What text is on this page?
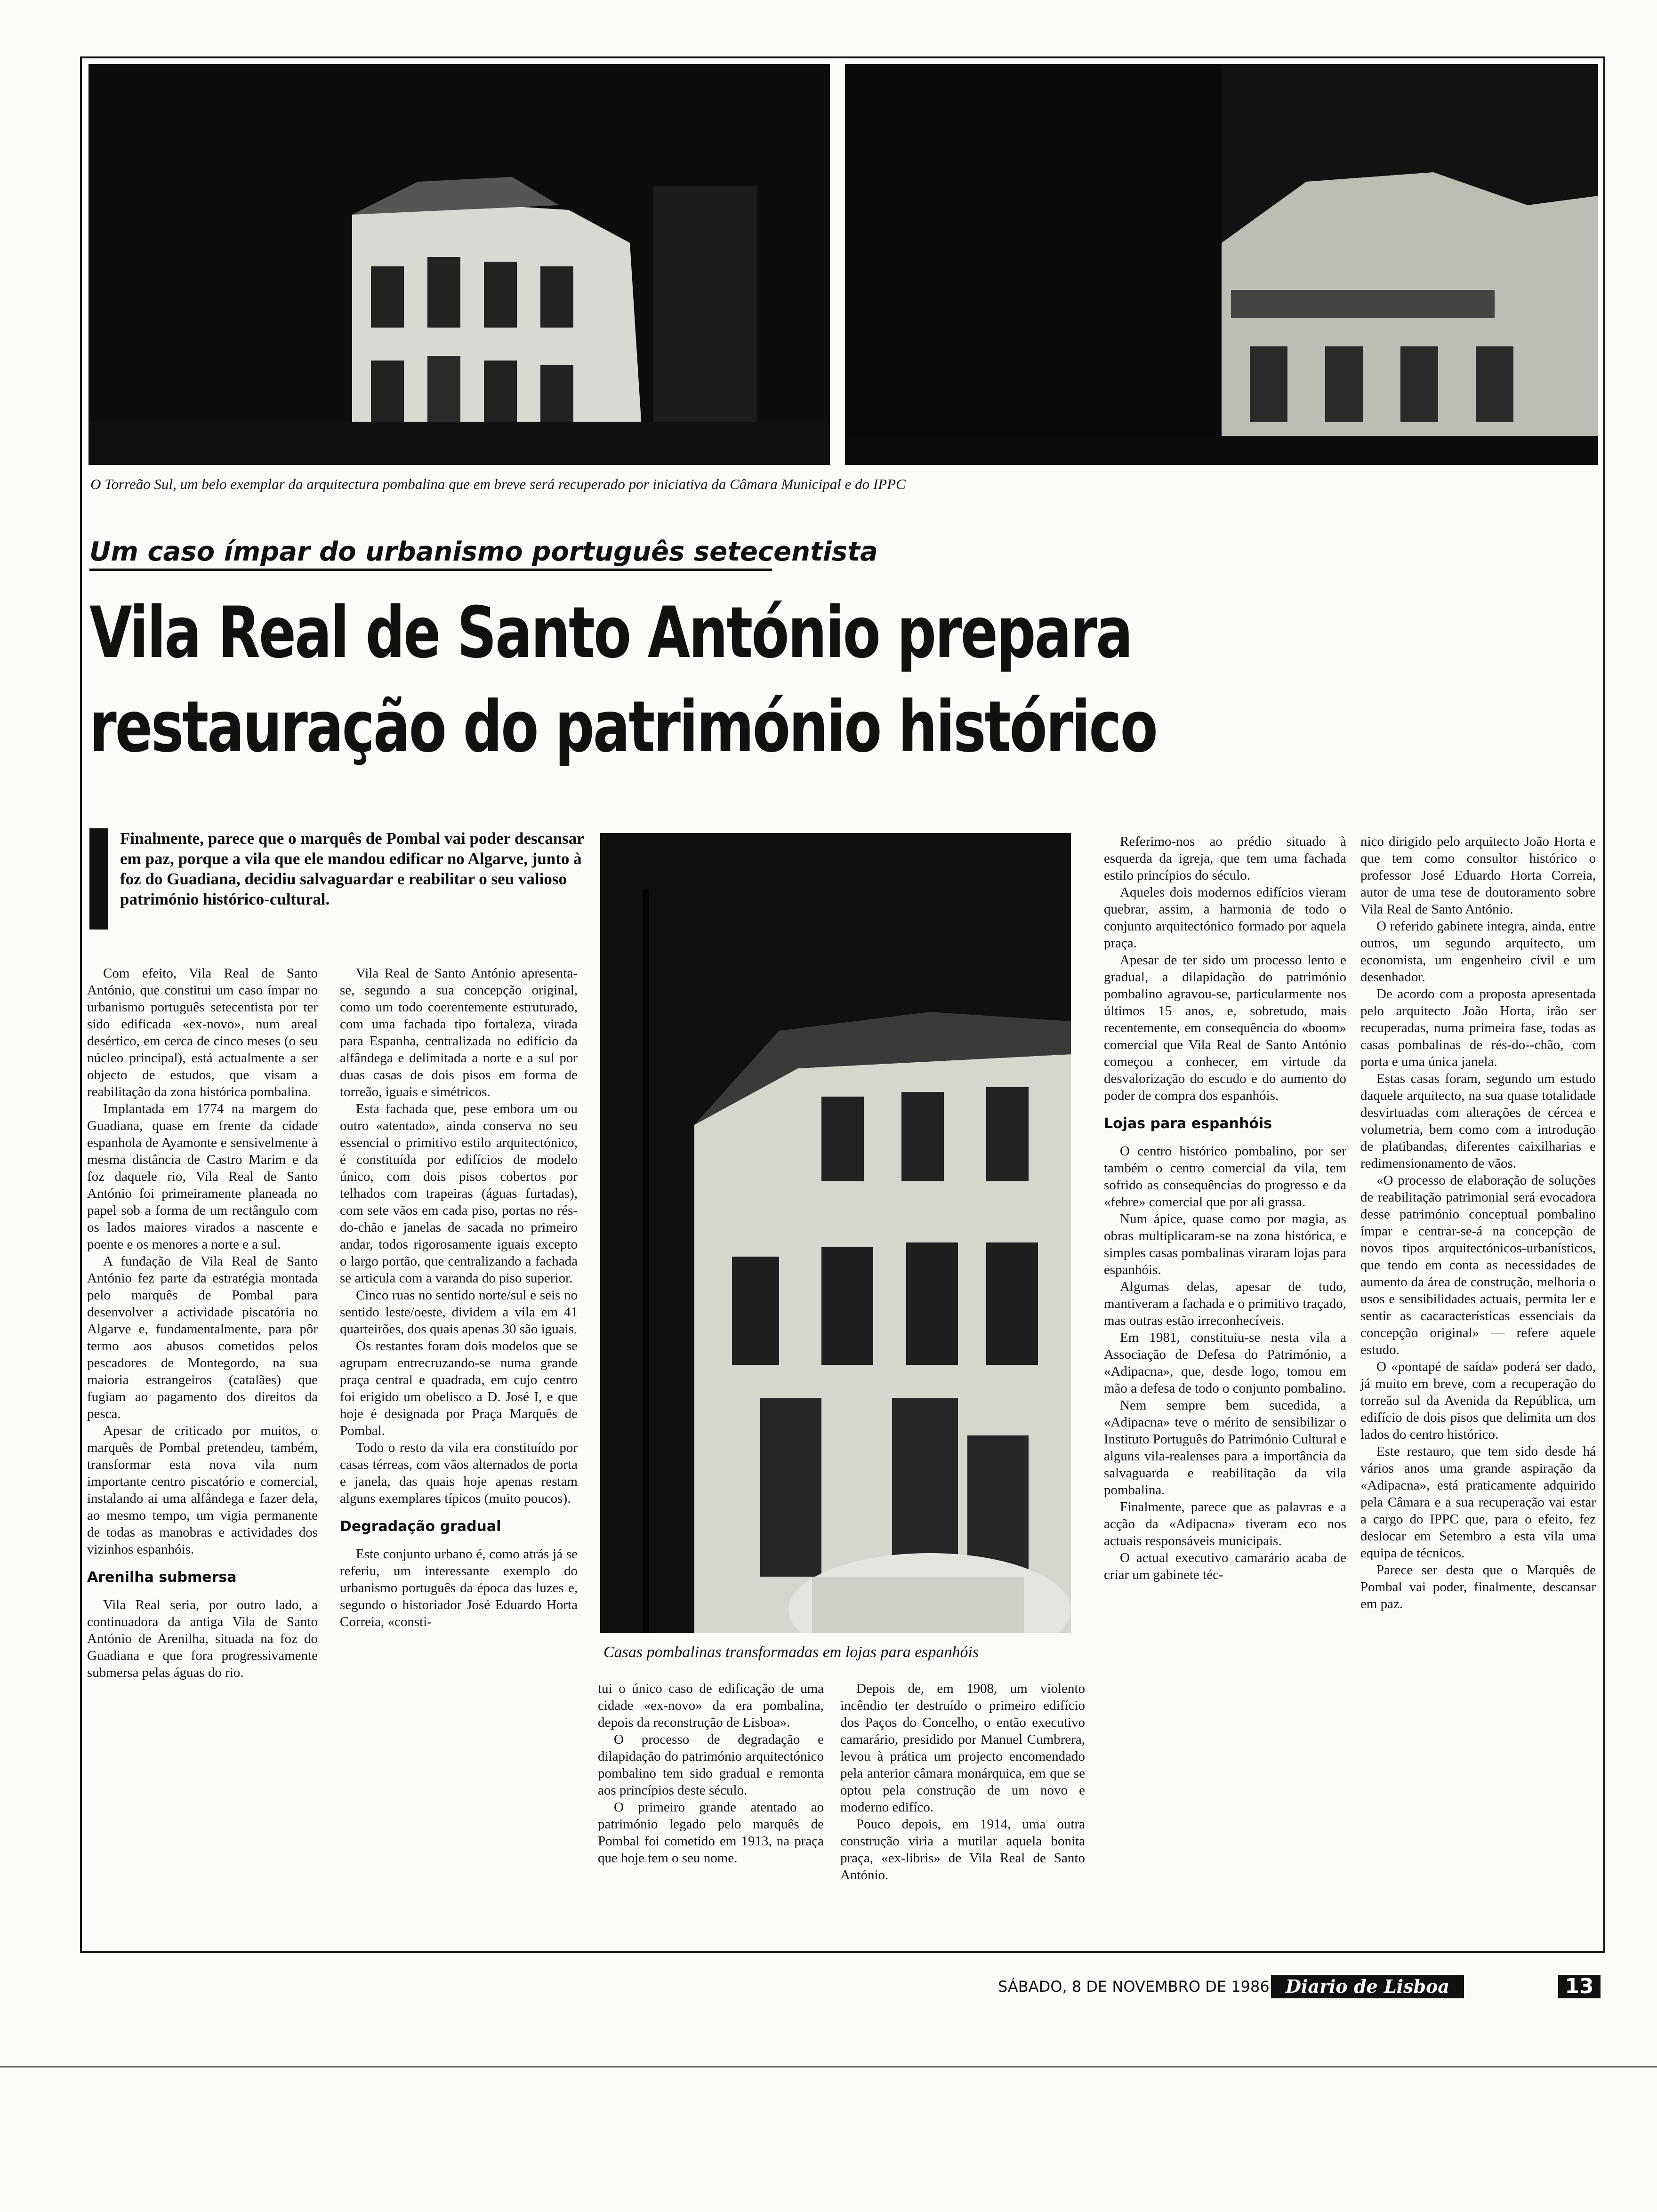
O Torreão Sul, um belo exemplar da arquitectura pombalina que em breve será recuperado por iniciativa da Câmara Municipal e do IPPC
Um caso ímpar do urbanismo português setecentista
Vila Real de Santo António prepara
restauração do património histórico
Finalmente, parece que o marquês de Pombal vai poder descansar em paz, porque a vila que ele mandou edificar no Algarve, junto à foz do Guadiana, decidiu salvaguardar e reabilitar o seu valioso património histórico-cultural.
Casas pombalinas transformadas em lojas para espanhóis

Com efeito, Vila Real de Santo António, que constitui um caso ímpar no urbanismo português setecentista por ter sido edificada «ex-novo», num areal desértico, em cerca de cinco meses (o seu núcleo principal), está actualmente a ser objecto de estudos, que visam a reabilitação da zona histórica pombalina.

Implantada em 1774 na margem do Guadiana, quase em frente da cidade espanhola de Ayamonte e sensivelmente à mesma distância de Castro Marim e da foz daquele rio, Vila Real de Santo António foi primeiramente planeada no papel sob a forma de um rectângulo com os lados maiores virados a nascente e poente e os menores a norte e a sul.

A fundação de Vila Real de Santo António fez parte da estratégia montada pelo marquês de Pombal para desenvolver a actividade piscatória no Algarve e, fundamentalmente, para pôr termo aos abusos cometidos pelos pescadores de Montegordo, na sua maioria estrangeiros (catalães) que fugiam ao pagamento dos direitos da pesca.

Apesar de criticado por muitos, o marquês de Pombal pretendeu, também, transformar esta nova vila num importante centro piscatório e comercial, instalando ai uma alfândega e fazer dela, ao mesmo tempo, um vigia permanente de todas as manobras e actividades dos vizinhos espanhóis.

Arenilha submersa

Vila Real seria, por outro lado, a continuadora da antiga Vila de Santo António de Arenilha, situada na foz do Guadiana e que fora progressivamente submersa pelas águas do rio.

Vila Real de Santo António apresenta-se, segundo a sua concepção original, como um todo coerentemente estruturado, com uma fachada tipo fortaleza, virada para Espanha, centralizada no edifício da alfândega e delimitada a norte e a sul por duas casas de dois pisos em forma de torreão, iguais e simétricos.

Esta fachada que, pese embora um ou outro «atentado», ainda conserva no seu essencial o primitivo estilo arquitectónico, é constituída por edifícios de modelo único, com dois pisos cobertos por telhados com trapeiras (águas furtadas), com sete vãos em cada piso, portas no rés-do-chão e janelas de sacada no primeiro andar, todos rigorosamente iguais excepto o largo portão, que centralizando a fachada se articula com a varanda do piso superior.

Cinco ruas no sentido norte/sul e seis no sentido leste/oeste, dividem a vila em 41 quarteirões, dos quais apenas 30 são iguais.

Os restantes foram dois modelos que se agrupam entrecruzando-se numa grande praça central e quadrada, em cujo centro foi erigido um obelisco a D. José I, e que hoje é designada por Praça Marquês de Pombal.

Todo o resto da vila era constituído por casas térreas, com vãos alternados de porta e janela, das quais hoje apenas restam alguns exemplares típicos (muito poucos).

Degradação gradual

Este conjunto urbano é, como atrás já se referiu, um interessante exemplo do urbanismo português da época das luzes e, segundo o historiador José Eduardo Horta Correia, «consti-

tui o único caso de edificação de uma cidade «ex-novo» da era pombalina, depois da reconstrução de Lisboa».

O processo de degradação e dilapidação do património arquitectónico pombalino tem sido gradual e remonta aos princípios deste século.

O primeiro grande atentado ao património legado pelo marquês de Pombal foi cometido em 1913, na praça que hoje tem o seu nome.

Depois de, em 1908, um violento incêndio ter destruído o primeiro edifício dos Paços do Concelho, o então executivo camarário, presidido por Manuel Cumbrera, levou à prática um projecto encomendado pela anterior câmara monárquica, em que se optou pela construção de um novo e moderno edifíco.

Pouco depois, em 1914, uma outra construção viria a mutilar aquela bonita praça, «ex-libris» de Vila Real de Santo António.

Referimo-nos ao prédio situado à esquerda da igreja, que tem uma fachada estilo princípios do século.

Aqueles dois modernos edifícios vieram quebrar, assim, a harmonia de todo o conjunto arquitectónico formado por aquela praça.

Apesar de ter sido um processo lento e gradual, a dilapidação do património pombalino agravou-se, particularmente nos últimos 15 anos, e, sobretudo, mais recentemente, em consequência do «boom» comercial que Vila Real de Santo António começou a conhecer, em virtude da desvalorização do escudo e do aumento do poder de compra dos espanhóis.

Lojas para espanhóis

O centro histórico pombalino, por ser também o centro comercial da vila, tem sofrido as consequências do progresso e da «febre» comercial que por ali grassa.

Num ápice, quase como por magia, as obras multiplicaram-se na zona histórica, e simples casas pombalinas viraram lojas para espanhóis.

Algumas delas, apesar de tudo, mantiveram a fachada e o primitivo traçado, mas outras estão irreconhecíveis.

Em 1981, constituiu-se nesta vila a Associação de Defesa do Património, a «Adipacna», que, desde logo, tomou em mão a defesa de todo o conjunto pombalino.

Nem sempre bem sucedida, a «Adipacna» teve o mérito de sensibilizar o Instituto Português do Património Cultural e alguns vila-realenses para a importância da salvaguarda e reabilitação da vila pombalina.

Finalmente, parece que as palavras e a acção da «Adipacna» tiveram eco nos actuais responsáveis municipais.

O actual executivo camarário acaba de criar um gabinete téc-

nico dirigido pelo arquitecto João Horta e que tem como consultor histórico o professor José Eduardo Horta Correia, autor de uma tese de doutoramento sobre Vila Real de Santo António.

O referido gabinete integra, ainda, entre outros, um segundo arquitecto, um economista, um engenheiro civil e um desenhador.

De acordo com a proposta apresentada pelo arquitecto João Horta, irão ser recuperadas, numa primeira fase, todas as casas pombalinas de rés-do--chão, com porta e uma única janela.

Estas casas foram, segundo um estudo daquele arquitecto, na sua quase totalidade desvirtuadas com alterações de cércea e volumetria, bem como com a introdução de platibandas, diferentes caixilharias e redimensionamento de vãos.

«O processo de elaboração de soluções de reabilitação patrimonial será evocadora desse património conceptual pombalino ímpar e centrar-se-á na concepção de novos tipos arquitectónicos-urbanísticos, que tendo em conta as necessidades de aumento da área de construção, melhoria o usos e sensibilidades actuais, permita ler e sentir as cacaracterísticas essenciais da concepção original» — refere aquele estudo.

O «pontapé de saída» poderá ser dado, já muito em breve, com a recuperação do torreão sul da Avenida da República, um edifício de dois pisos que delimita um dos lados do centro histórico.

Este restauro, que tem sido desde há vários anos uma grande aspiração da «Adipacna», está praticamente adquirido pela Câmara e a sua recuperação vai estar a cargo do IPPC que, para o efeito, fez deslocar em Setembro a esta vila uma equipa de técnicos.

Parece ser desta que o Marquês de Pombal vai poder, finalmente, descansar em paz.

SÁBADO, 8 DE NOVEMBRO DE 1986 Diario de Lisboa	13
